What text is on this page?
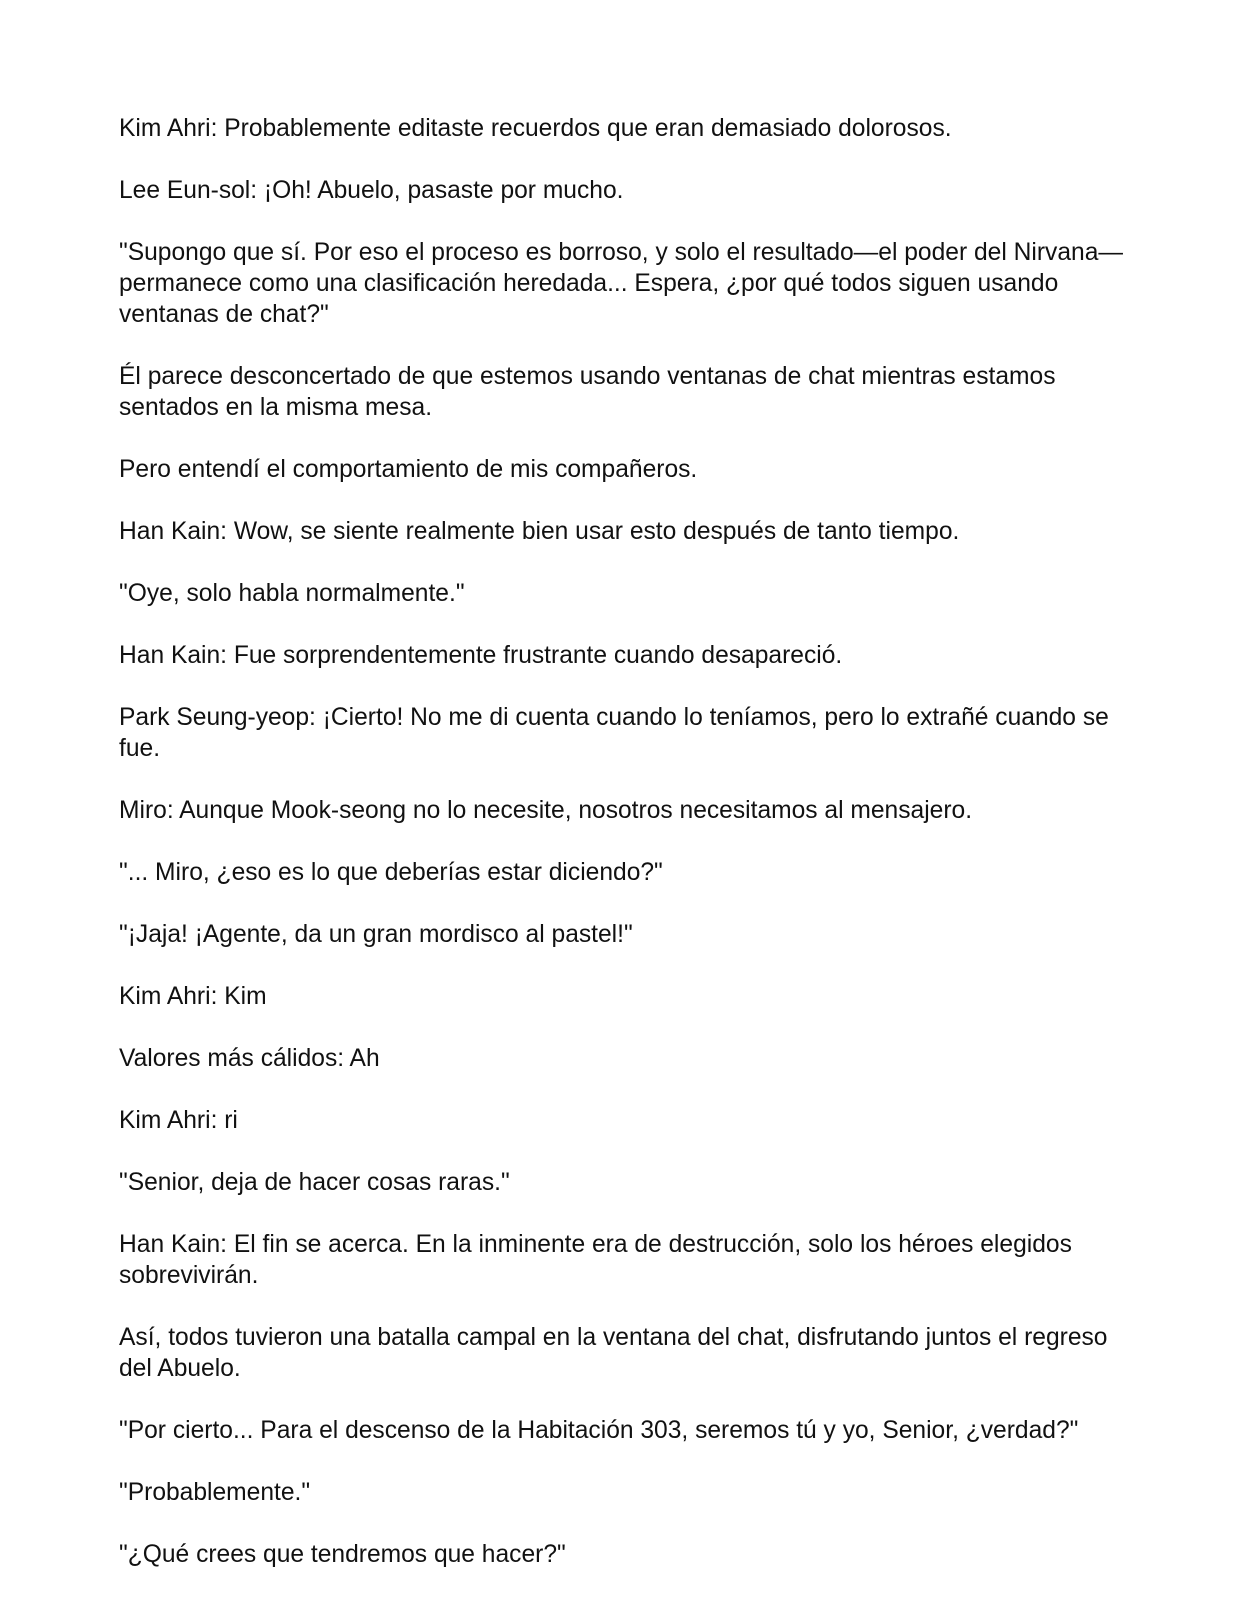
Kim Ahri: Probablemente editaste recuerdos que eran demasiado dolorosos.

Lee Eun-sol: ¡Oh! Abuelo, pasaste por mucho.

"Supongo que sí. Por eso el proceso es borroso, y solo el resultado—el poder del Nirvana—permanece como una clasificación heredada... Espera, ¿por qué todos siguen usando ventanas de chat?"

Él parece desconcertado de que estemos usando ventanas de chat mientras estamos sentados en la misma mesa.

Pero entendí el comportamiento de mis compañeros.

Han Kain: Wow, se siente realmente bien usar esto después de tanto tiempo.

"Oye, solo habla normalmente."

Han Kain: Fue sorprendentemente frustrante cuando desapareció.

Park Seung-yeop: ¡Cierto! No me di cuenta cuando lo teníamos, pero lo extrañé cuando se fue.

Miro: Aunque Mook-seong no lo necesite, nosotros necesitamos al mensajero.

"... Miro, ¿eso es lo que deberías estar diciendo?"

"¡Jaja! ¡Agente, da un gran mordisco al pastel!"

Kim Ahri: Kim

Valores más cálidos: Ah

Kim Ahri: ri

"Senior, deja de hacer cosas raras."

Han Kain: El fin se acerca. En la inminente era de destrucción, solo los héroes elegidos sobrevivirán.

Así, todos tuvieron una batalla campal en la ventana del chat, disfrutando juntos el regreso del Abuelo.

"Por cierto... Para el descenso de la Habitación 303, seremos tú y yo, Senior, ¿verdad?"

"Probablemente."

"¿Qué crees que tendremos que hacer?"
